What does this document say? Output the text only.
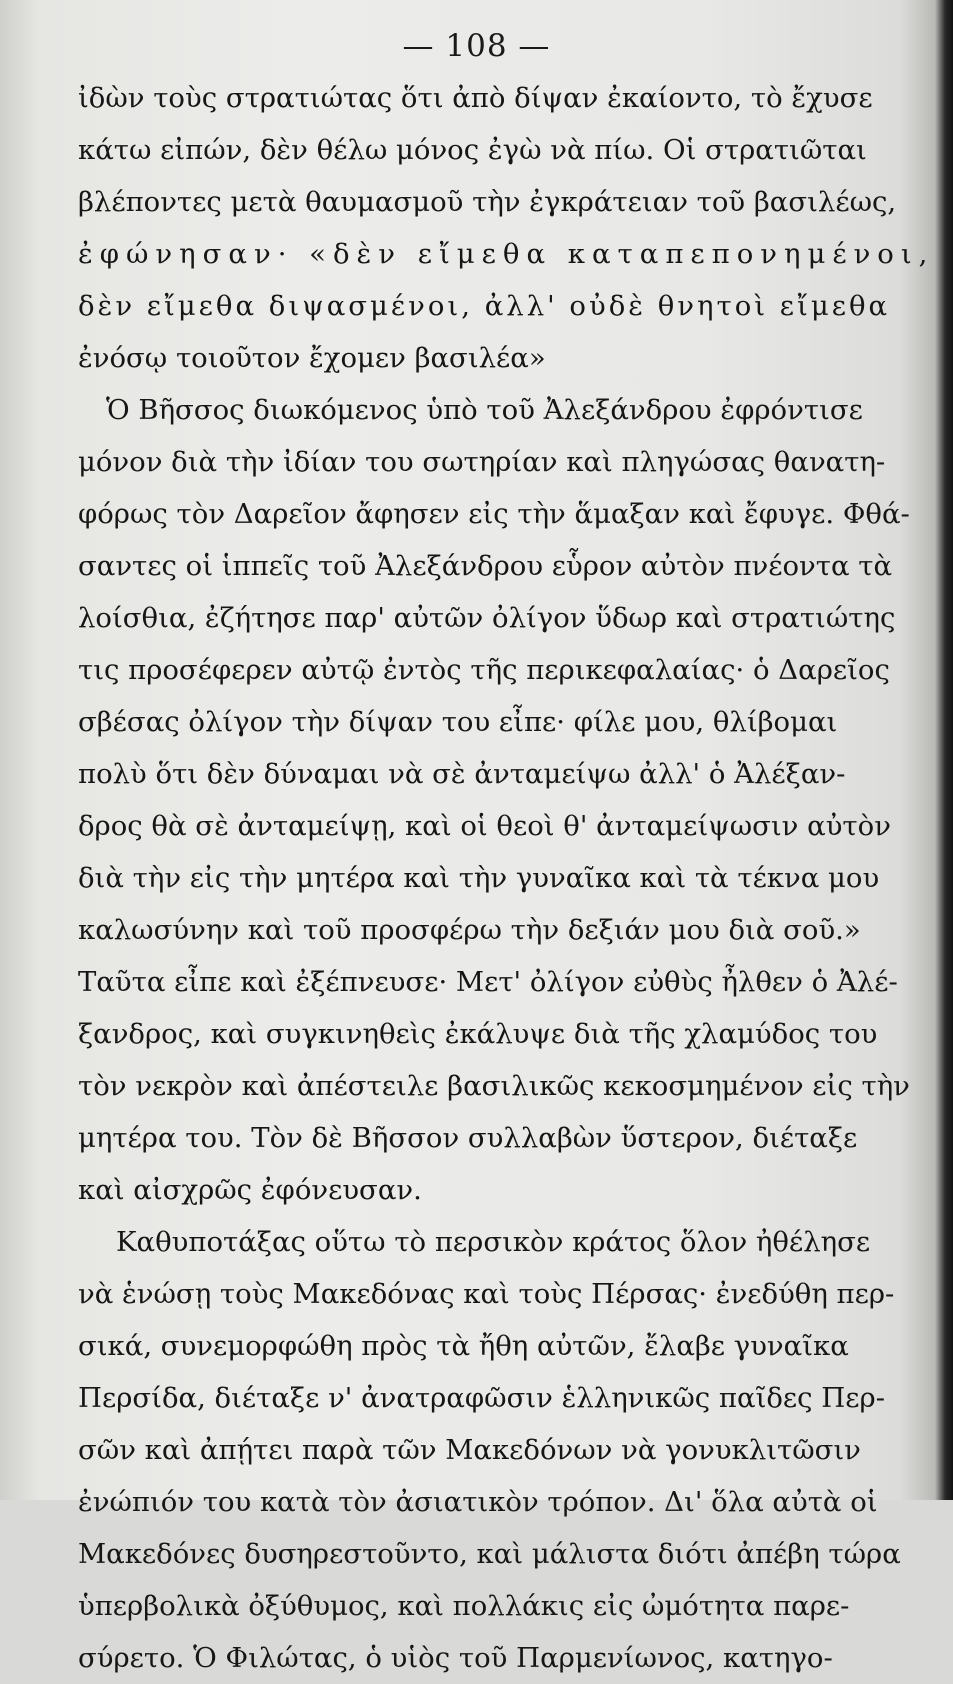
— 108 —
ἰδὼν τοὺς στρατιώτας ὅτι ἀπὸ δίψαν ἐκαίοντο, τὸ ἔχυσε
κάτω εἰπών, δὲν θέλω μόνος ἐγὼ νὰ πίω. Οἱ στρατιῶται
βλέποντες μετὰ θαυμασμοῦ τὴν ἐγκράτειαν τοῦ βασιλέως,
ἐφώνησαν· «δὲν εἴμεθα καταπεπονημένοι,
δὲν εἴμεθα διψασμένοι, ἀλλ' οὐδὲ θνητοὶ εἴμεθα
ἐνόσῳ τοιοῦτον ἔχομεν βασιλέα»
Ὁ Βῆσσος διωκόμενος ὑπὸ τοῦ Ἀλεξάνδρου ἐφρόντισε
μόνον διὰ τὴν ἰδίαν του σωτηρίαν καὶ πληγώσας θανατη-
φόρως τὸν Δαρεῖον ἄφησεν εἰς τὴν ἅμαξαν καὶ ἔφυγε. Φθά-
σαντες οἱ ἱππεῖς τοῦ Ἀλεξάνδρου εὗρον αὐτὸν πνέοντα τὰ
λοίσθια, ἐζήτησε παρ' αὐτῶν ὀλίγον ὕδωρ καὶ στρατιώτης
τις προσέφερεν αὐτῷ ἐντὸς τῆς περικεφαλαίας· ὁ Δαρεῖος
σβέσας ὀλίγον τὴν δίψαν του εἶπε· φίλε μου, θλίβομαι
πολὺ ὅτι δὲν δύναμαι νὰ σὲ ἀνταμείψω ἀλλ' ὁ Ἀλέξαν-
δρος θὰ σὲ ἀνταμείψῃ, καὶ οἱ θεοὶ θ' ἀνταμείψωσιν αὐτὸν
διὰ τὴν εἰς τὴν μητέρα καὶ τὴν γυναῖκα καὶ τὰ τέκνα μου
καλωσύνην καὶ τοῦ προσφέρω τὴν δεξιάν μου διὰ σοῦ.»
Ταῦτα εἶπε καὶ ἐξέπνευσε· Μετ' ὀλίγον εὐθὺς ἦλθεν ὁ Ἀλέ-
ξανδρος, καὶ συγκινηθεὶς ἐκάλυψε διὰ τῆς χλαμύδος του
τὸν νεκρὸν καὶ ἀπέστειλε βασιλικῶς κεκοσμημένον εἰς τὴν
μητέρα του. Τὸν δὲ Βῆσσον συλλαβὼν ὕστερον, διέταξε
καὶ αἰσχρῶς ἐφόνευσαν.
Καθυποτάξας οὕτω τὸ περσικὸν κράτος ὅλον ἠθέλησε
νὰ ἑνώσῃ τοὺς Μακεδόνας καὶ τοὺς Πέρσας· ἐνεδύθη περ-
σικά, συνεμορφώθη πρὸς τὰ ἤθη αὐτῶν, ἔλαβε γυναῖκα
Περσίδα, διέταξε ν' ἀνατραφῶσιν ἑλληνικῶς παῖδες Περ-
σῶν καὶ ἀπῄτει παρὰ τῶν Μακεδόνων νὰ γονυκλιτῶσιν
ἐνώπιόν του κατὰ τὸν ἀσιατικὸν τρόπον. Δι' ὅλα αὐτὰ οἱ
Μακεδόνες δυσηρεστοῦντο, καὶ μάλιστα διότι ἀπέβη τώρα
ὑπερβολικὰ ὀξύθυμος, καὶ πολλάκις εἰς ὠμότητα παρε-
σύρετο. Ὁ Φιλώτας, ὁ υἱὸς τοῦ Παρμενίωνος, κατηγο-
